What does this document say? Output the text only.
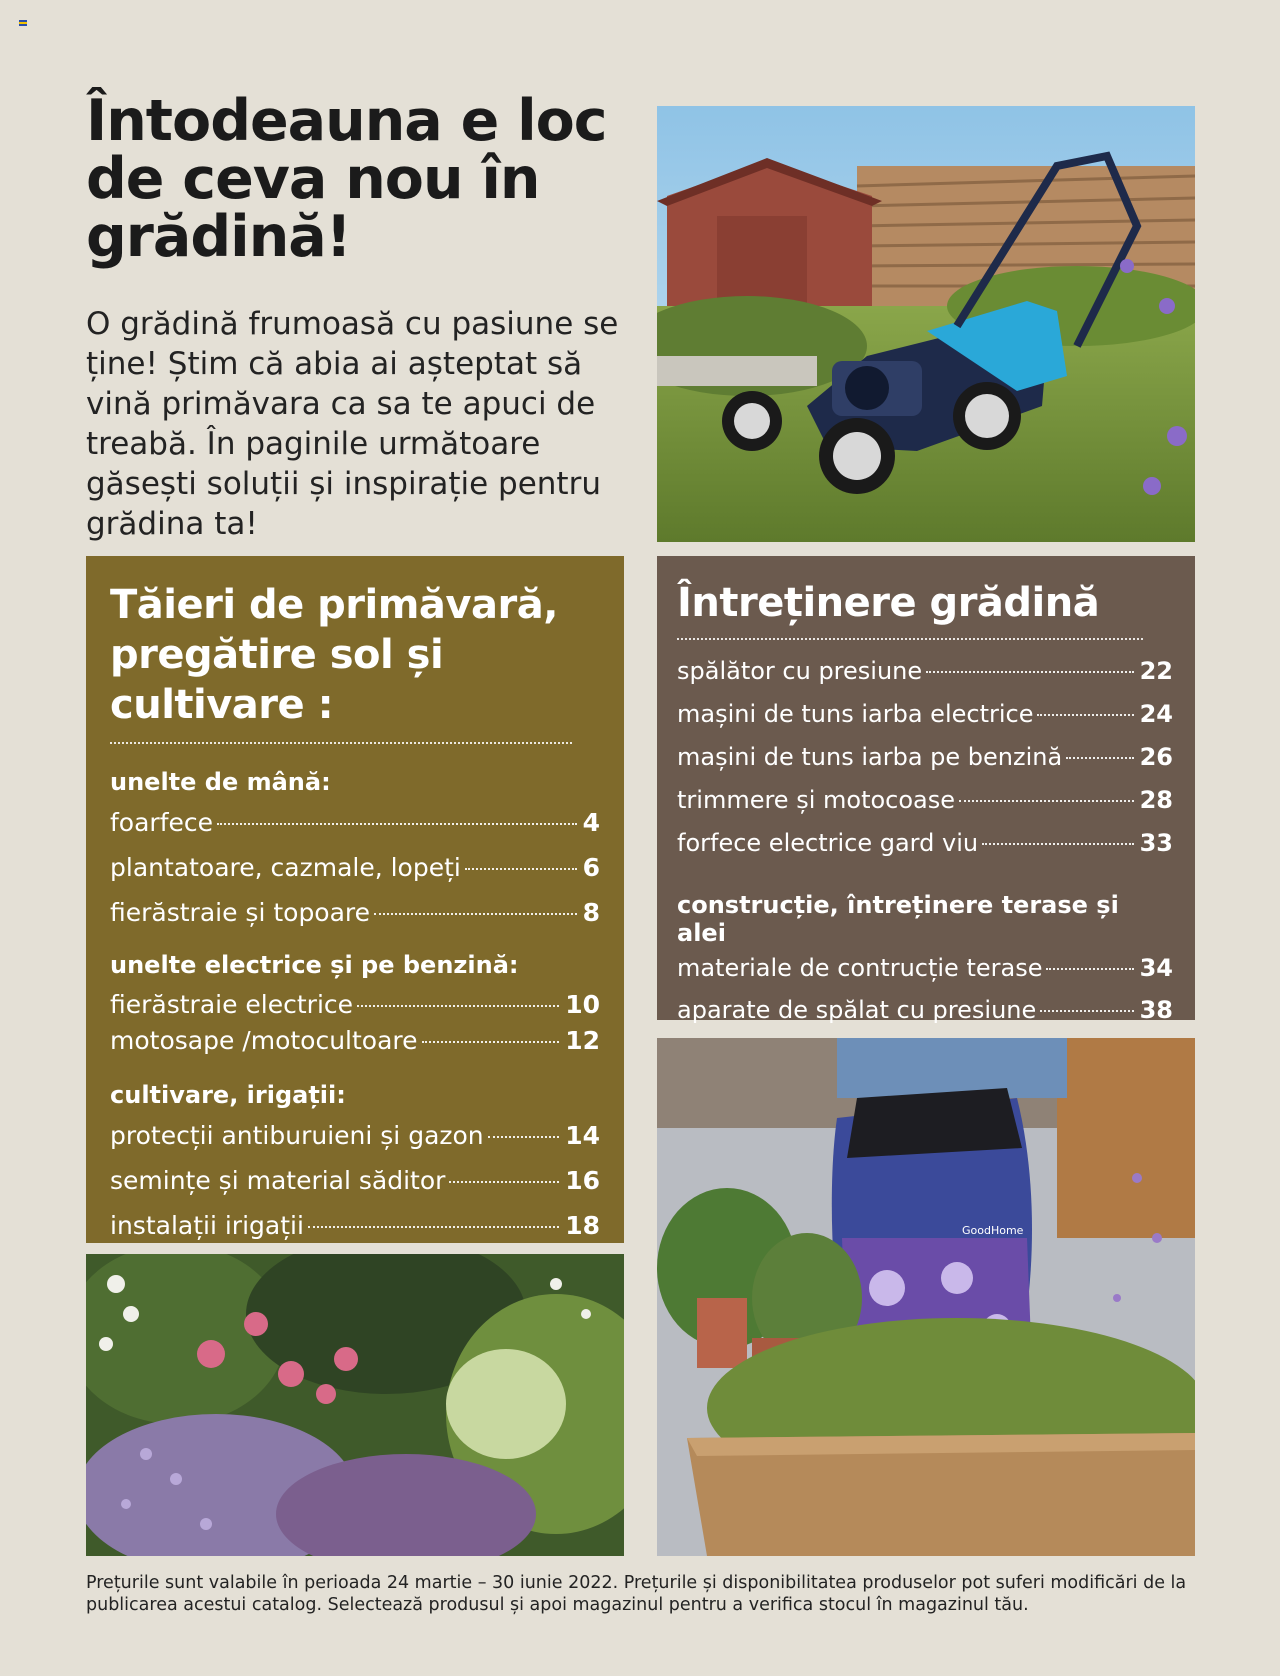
Întodeauna e loc de ceva nou în grădină!

O grădină frumoasă cu pasiune se ține! Știm că abia ai așteptat să vină primăvara ca sa te apuci de treabă. În paginile următoare găsești soluții și inspirație pentru grădina ta!

Tăieri de primăvară, pregătire sol și cultivare :
unelte de mână:
foarfece	4
plantatoare, cazmale, lopeți	6
fierăstraie și topoare	8
unelte electrice și pe benzină:
fierăstraie electrice	10
motosape /motocultoare	12
cultivare, irigații:
protecții antiburuieni și gazon	14
semințe și material săditor	16
instalații irigații	18
Întreținere grădină
spălător cu presiune	22
mașini de tuns iarba electrice	24
mașini de tuns iarba pe benzină	26
trimmere și motocoase	28
forfece electrice gard viu	33
construcție, întreținere terase și alei
materiale de contrucție terase	34
aparate de spălat cu presiune	38
GoodHome

Prețurile sunt valabile în perioada 24 martie – 30 iunie 2022. Prețurile și disponibilitatea produselor pot suferi modificări de la publicarea acestui catalog. Selectează produsul și apoi magazinul pentru a verifica stocul în magazinul tău.
